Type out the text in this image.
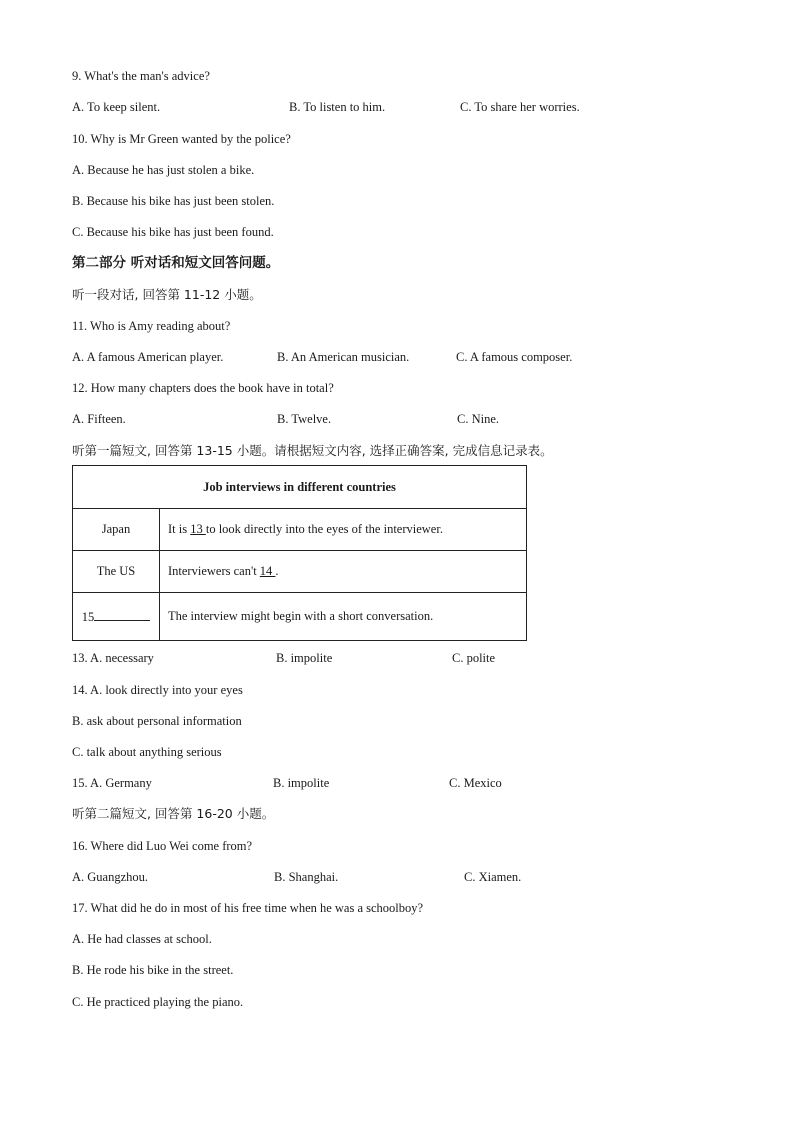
9. What's the man's advice?
A. To keep silent.	B. To listen to him.	C. To share her worries.
10. Why is Mr Green wanted by the police?
A. Because he has just stolen a bike.
B. Because his bike has just been stolen.
C. Because his bike has just been found.
第二部分 听对话和短文回答问题。
听一段对话, 回答第 11-12 小题。
11. Who is Amy reading about?
A. A famous American player.	B. An American musician.	C. A famous composer.
12. How many chapters does the book have in total?
A. Fifteen.	B. Twelve.	C. Nine.
听第一篇短文, 回答第 13-15 小题。请根据短文内容, 选择正确答案, 完成信息记录表。
Job interviews in different countries	
Japan	It is 13 to look directly into the eyes of the interviewer.
The US	Interviewers can't 14 .
15	The interview might begin with a short conversation.
13. A. necessary	B. impolite	C. polite
14. A. look directly into your eyes
B. ask about personal information
C. talk about anything serious
15. A. Germany	B. impolite	C. Mexico
听第二篇短文, 回答第 16-20 小题。
16. Where did Luo Wei come from?
A. Guangzhou.	B. Shanghai.	C. Xiamen.
17. What did he do in most of his free time when he was a schoolboy?
A. He had classes at school.
B. He rode his bike in the street.
C. He practiced playing the piano.
